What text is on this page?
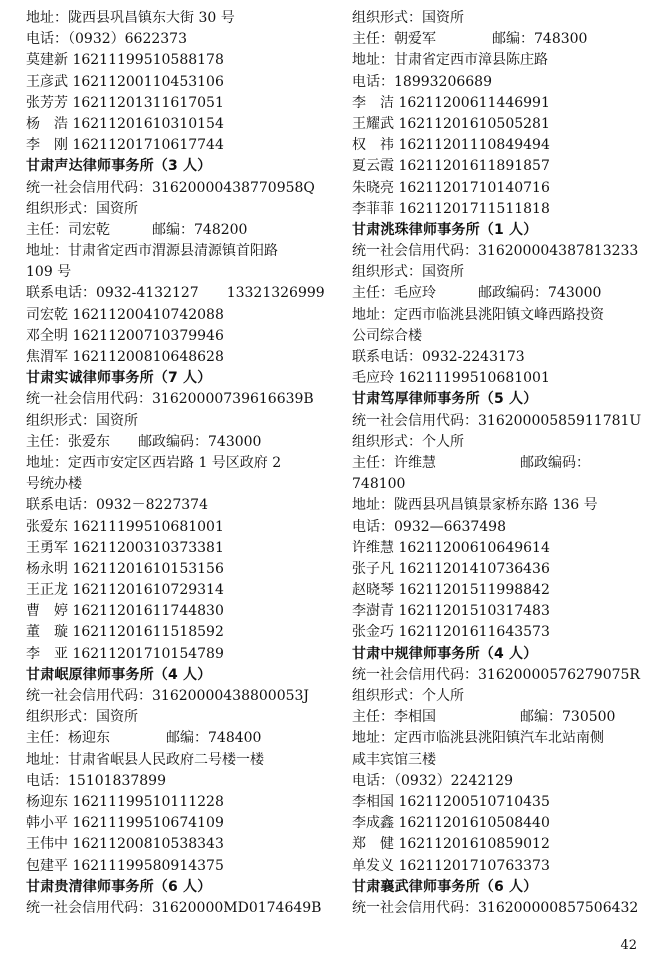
地址：陇西县巩昌镇东大街 30 号
电话：（0932）6622373
莫建新 16211199510588178
王彦武 16211200110453106
张芳芳 16211201311617051
杨　浩 16211201610310154
李　刚 16211201710617744
甘肃声达律师事务所（3 人）
统一社会信用代码：31620000438770958Q
组织形式：国资所
主任：司宏乾　　　邮编：748200
地址：甘肃省定西市渭源县清源镇首阳路
109 号
联系电话：0932-4132127　　13321326999
司宏乾 16211200410742088
邓全明 16211200710379946
焦渭军 16211200810648628
甘肃实诚律师事务所（7 人）
统一社会信用代码：31620000739616639B
组织形式：国资所
主任：张爱东　　邮政编码：743000
地址：定西市安定区西岩路 1 号区政府 2
号统办楼
联系电话：0932－8227374
张爱东 16211199510681001
王勇军 16211200310373381
杨永明 16211201610153156
王正龙 16211201610729314
曹　婷 16211201611744830
董　璇 16211201611518592
李　亚 16211201710154789
甘肃岷原律师事务所（4 人）
统一社会信用代码：31620000438800053J
组织形式：国资所
主任：杨迎东　　　　邮编：748400
地址：甘肃省岷县人民政府二号楼一楼
电话：15101837899
杨迎东 16211199510111228
韩小平 16211199510674109
王伟中 16211200810538343
包建平 16211199580914375
甘肃贵清律师事务所（6 人）
统一社会信用代码：31620000MD0174649B
组织形式：国资所
主任：朝爱军　　　　邮编：748300
地址：甘肃省定西市漳县陈庄路
电话：18993206689
李　洁 16211200611446991
王耀武 16211201610505281
权　祎 16211201110849494
夏云霞 16211201611891857
朱晓亮 16211201710140716
李菲菲 16211201711511818
甘肃洮珠律师事务所（1 人）
统一社会信用代码：316200004387813233
组织形式：国资所
主任：毛应玲　　　邮政编码：743000
地址：定西市临洮县洮阳镇文峰西路投资
公司综合楼
联系电话：0932-2243173
毛应玲 16211199510681001
甘肃笃厚律师事务所（5 人）
统一社会信用代码：31620000585911781U
组织形式：个人所
主任：许维慧　　　　　　邮政编码：
748100
地址：陇西县巩昌镇景家桥东路 136 号
电话：0932—6637498
许维慧 16211200610649614
张子凡 16211201410736436
赵晓琴 16211201511998842
李澍青 16211201510317483
张金巧 16211201611643573
甘肃中规律师事务所（4 人）
统一社会信用代码：31620000576279075R
组织形式：个人所
主任：李相国　　　　　　邮编：730500
地址：定西市临洮县洮阳镇汽车北站南侧
咸丰宾馆三楼
电话：（0932）2242129
李相国 16211200510710435
李成鑫 16211201610508440
郑　健 16211201610859012
单发义 16211201710763373
甘肃襄武律师事务所（6 人）
统一社会信用代码：316200000857506432
42
